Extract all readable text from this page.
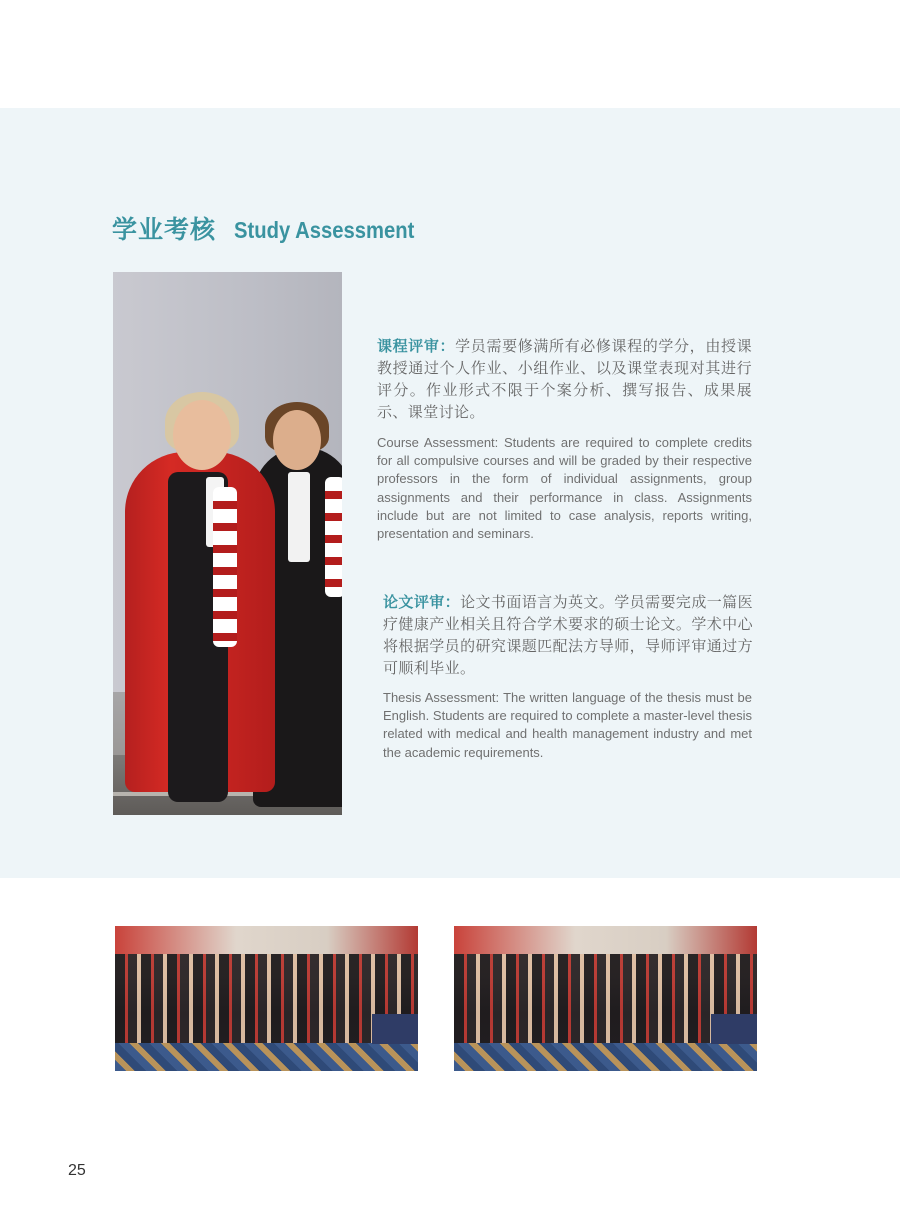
学业考核 Study Assessment
课程评审：学员需要修满所有必修课程的学分，由授课教授通过个人作业、小组作业、以及课堂表现对其进行评分。作业形式不限于个案分析、撰写报告、成果展示、课堂讨论。
Course Assessment: Students are required to complete credits for all compulsive courses and will be graded by their respective professors in the form of individual assignments, group assignments and their performance in class. Assignments include but are not limited to case analysis, reports writing, presentation and seminars.
论文评审：论文书面语言为英文。学员需要完成一篇医疗健康产业相关且符合学术要求的硕士论文。学术中心将根据学员的研究课题匹配法方导师，导师评审通过方可顺利毕业。
Thesis Assessment: The written language of the thesis must be English. Students are required to complete a master-level thesis related with medical and health management industry and met the academic requirements.
25
